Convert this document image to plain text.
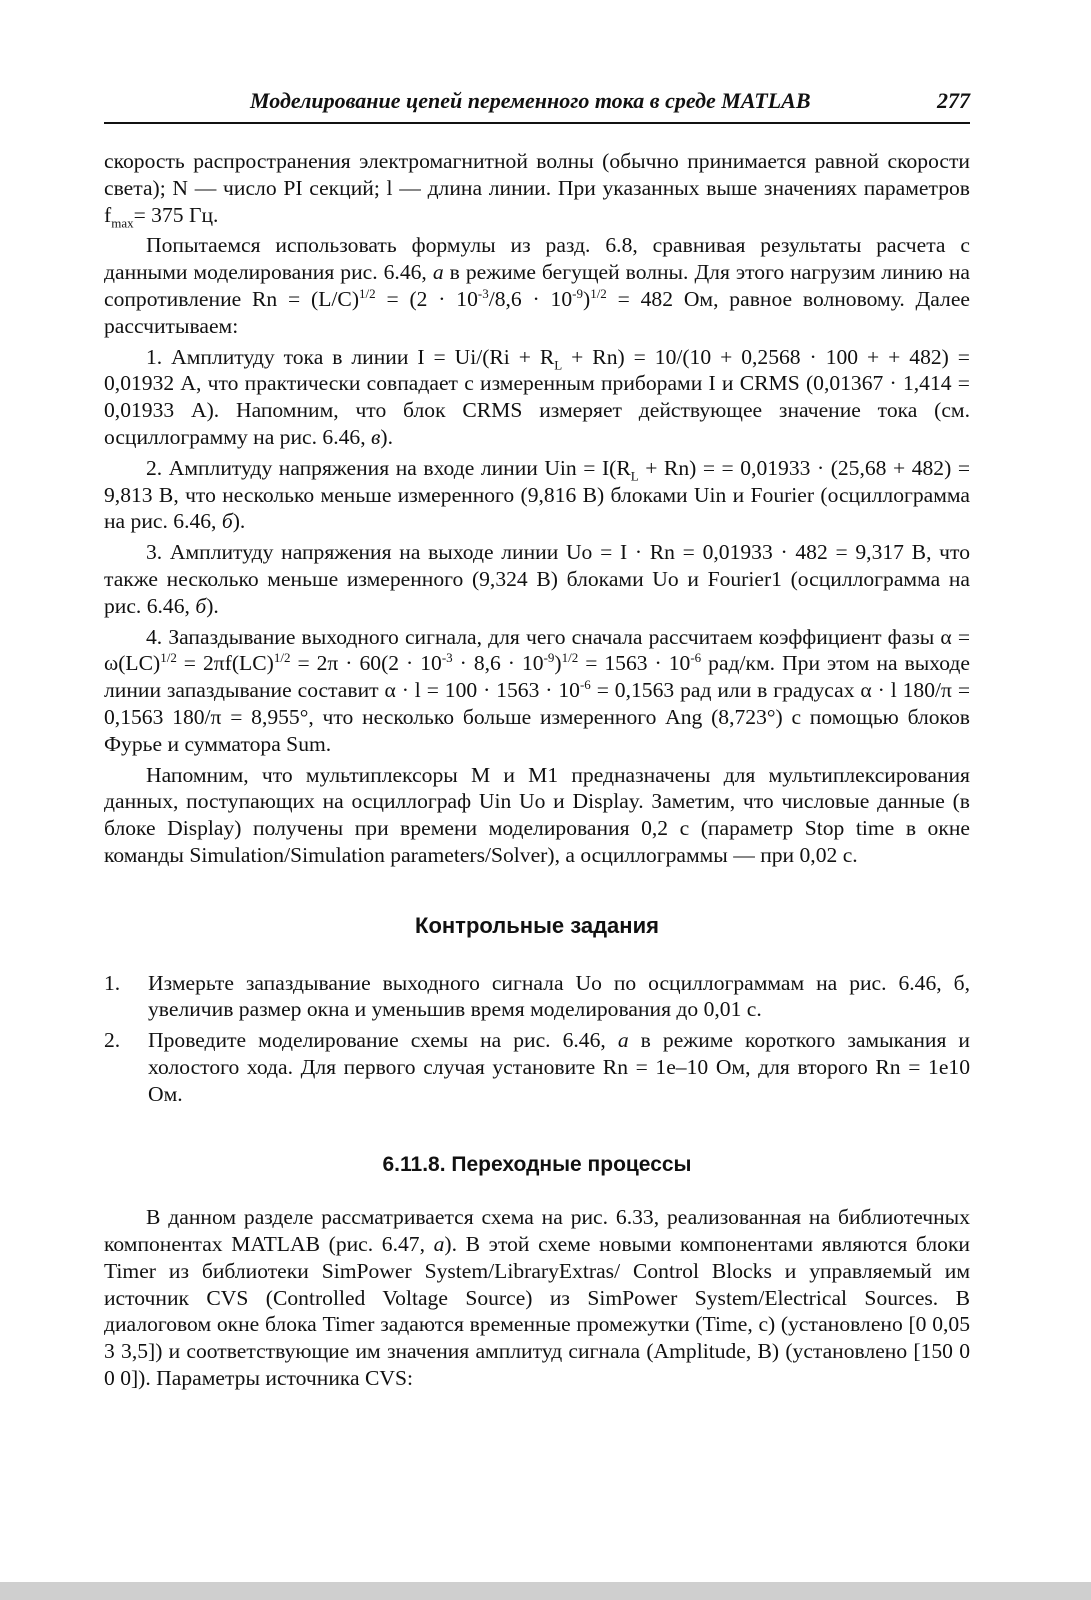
Моделирование цепей переменного тока в среде MATLAB	277

скорость распространения электромагнитной волны (обычно принимается равной скорости света); N — число PI секций; l — длина линии. При указанных выше значениях параметров $f_{max}= 375$ Гц.

Попытаемся использовать формулы из разд. 6.8, сравнивая результаты расчета с данными моделирования рис. 6.46, а в режиме бегущей волны. Для этого нагрузим линию на сопротивление $Rn = (L/C)^{1/2} = (2 \cdot 10^{-3}/8,6 \cdot 10^{-9})^{1/2} = 482$ Ом, равное волновому. Далее рассчитываем:

1. Амплитуду тока в линии $I = Ui/(Ri + R_L + Rn) = 10/(10 + 0,2568 \cdot 100$ + + 482) = 0,01932 А, что практически совпадает с измеренным приборами I и CRMS (0,01367 · 1,414 = 0,01933 А). Напомним, что блок CRMS измеряет действующее значение тока (см. осциллограмму на рис. 6.46, в).

2. Амплитуду напряжения на входе линии Uin = $I(R_L + Rn)$ = = 0,01933 · (25,68 + 482) = 9,813 В, что несколько меньше измеренного (9,816 В) блоками Uin и Fourier (осциллограмма на рис. 6.46, б).

3. Амплитуду напряжения на выходе линии Uo = I · Rn = 0,01933 · 482 = 9,317 В, что также несколько меньше измеренного (9,324 В) блоками Uo и Fourier1 (осциллограмма на рис. 6.46, б).

4. Запаздывание выходного сигнала, для чего сначала рассчитаем коэффициент фазы $\alpha = \omega(LC)^{1/2} = 2\pi f(LC)^{1/2} = 2\pi \cdot 60(2 \cdot 10^{-3} \cdot 8,6 \cdot 10^{-9})^{1/2} = 1563 \cdot 10^{-6}$ рад/км. При этом на выходе линии запаздывание составит $\alpha \cdot l = 100 \cdot 1563 \cdot 10^{-6} = 0,1563$ рад или в градусах α · l 180/π = 0,1563 180/π = 8,955°, что несколько больше измеренного Ang (8,723°) с помощью блоков Фурье и сумматора Sum.

Напомним, что мультиплексоры M и M1 предназначены для мультиплексирования данных, поступающих на осциллограф Uin Uo и Display. Заметим, что числовые данные (в блоке Display) получены при времени моделирования 0,2 с (параметр Stop time в окне команды Simulation/Simulation parameters/Solver), а осциллограммы — при 0,02 с.

Контрольные задания
1.	Измерьте запаздывание выходного сигнала Uo по осциллограммам на рис. 6.46, б, увеличив размер окна и уменьшив время моделирования до 0,01 с.
2.	Проведите моделирование схемы на рис. 6.46, а в режиме короткого замыкания и холостого хода. Для первого случая установите Rn = 1e–10 Ом, для второго Rn = 1e10 Ом.
6.11.8. Переходные процессы

В данном разделе рассматривается схема на рис. 6.33, реализованная на библиотечных компонентах MATLAB (рис. 6.47, а). В этой схеме новыми компонентами являются блоки Timer из библиотеки SimPower System/LibraryExtras/ Control Blocks и управляемый им источник CVS (Controlled Voltage Source) из SimPower System/Electrical Sources. В диалоговом окне блока Timer задаются временные промежутки (Time, с) (установлено [0 0,05 3 3,5]) и соответствующие им значения амплитуд сигнала (Amplitude, В) (установлено [150 0 0 0]). Параметры источника CVS:
